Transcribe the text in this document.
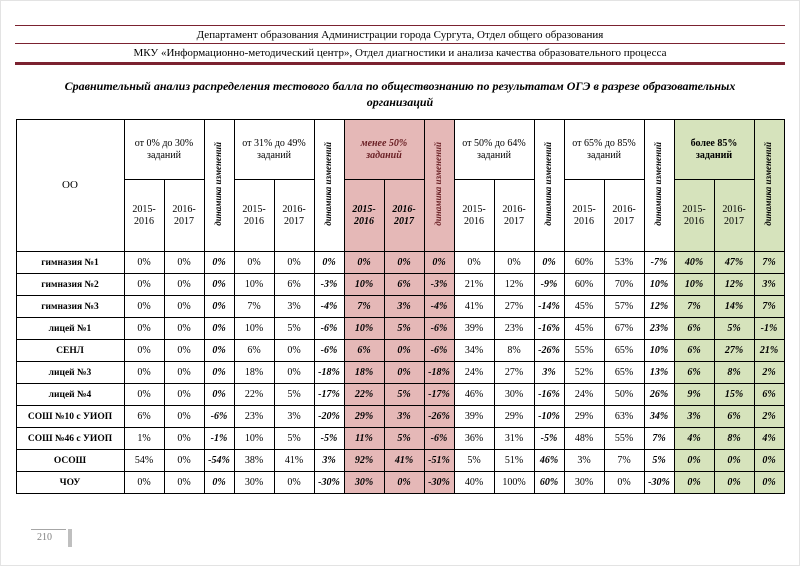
Департамент образования Администрации города Сургута, Отдел общего образования
МКУ «Информационно-методический центр», Отдел диагностики и анализа качества образовательного процесса
Сравнительный анализ распределения тестового балла по обществознанию по результатам ОГЭ в разрезе образовательных организаций
ОО	от 0% до 30% заданий		динамика изменений	от 31% до 49% заданий		динамика изменений	менее 50% заданий		динамика изменений	от 50% до 64% заданий		динамика изменений	от 65% до 85% заданий		динамика изменений	более 85% заданий		динамика изменений
	2015-2016	2016-2017		2015-2016	2016-2017		2015-2016	2016-2017		2015-2016	2016-2017		2015-2016	2016-2017		2015-2016	2016-2017	
гимназия №1	0%	0%	0%	0%	0%	0%	0%	0%	0%	0%	0%	0%	60%	53%	-7%	40%	47%	7%
гимназия №2	0%	0%	0%	10%	6%	-3%	10%	6%	-3%	21%	12%	-9%	60%	70%	10%	10%	12%	3%
гимназия №3	0%	0%	0%	7%	3%	-4%	7%	3%	-4%	41%	27%	-14%	45%	57%	12%	7%	14%	7%
лицей №1	0%	0%	0%	10%	5%	-6%	10%	5%	-6%	39%	23%	-16%	45%	67%	23%	6%	5%	-1%
СЕНЛ	0%	0%	0%	6%	0%	-6%	6%	0%	-6%	34%	8%	-26%	55%	65%	10%	6%	27%	21%
лицей №3	0%	0%	0%	18%	0%	-18%	18%	0%	-18%	24%	27%	3%	52%	65%	13%	6%	8%	2%
лицей №4	0%	0%	0%	22%	5%	-17%	22%	5%	-17%	46%	30%	-16%	24%	50%	26%	9%	15%	6%
СОШ №10 с УИОП	6%	0%	-6%	23%	3%	-20%	29%	3%	-26%	39%	29%	-10%	29%	63%	34%	3%	6%	2%
СОШ №46 с УИОП	1%	0%	-1%	10%	5%	-5%	11%	5%	-6%	36%	31%	-5%	48%	55%	7%	4%	8%	4%
ОСОШ	54%	0%	-54%	38%	41%	3%	92%	41%	-51%	5%	51%	46%	3%	7%	5%	0%	0%	0%
ЧОУ	0%	0%	0%	30%	0%	-30%	30%	0%	-30%	40%	100%	60%	30%	0%	-30%	0%	0%	0%
210
